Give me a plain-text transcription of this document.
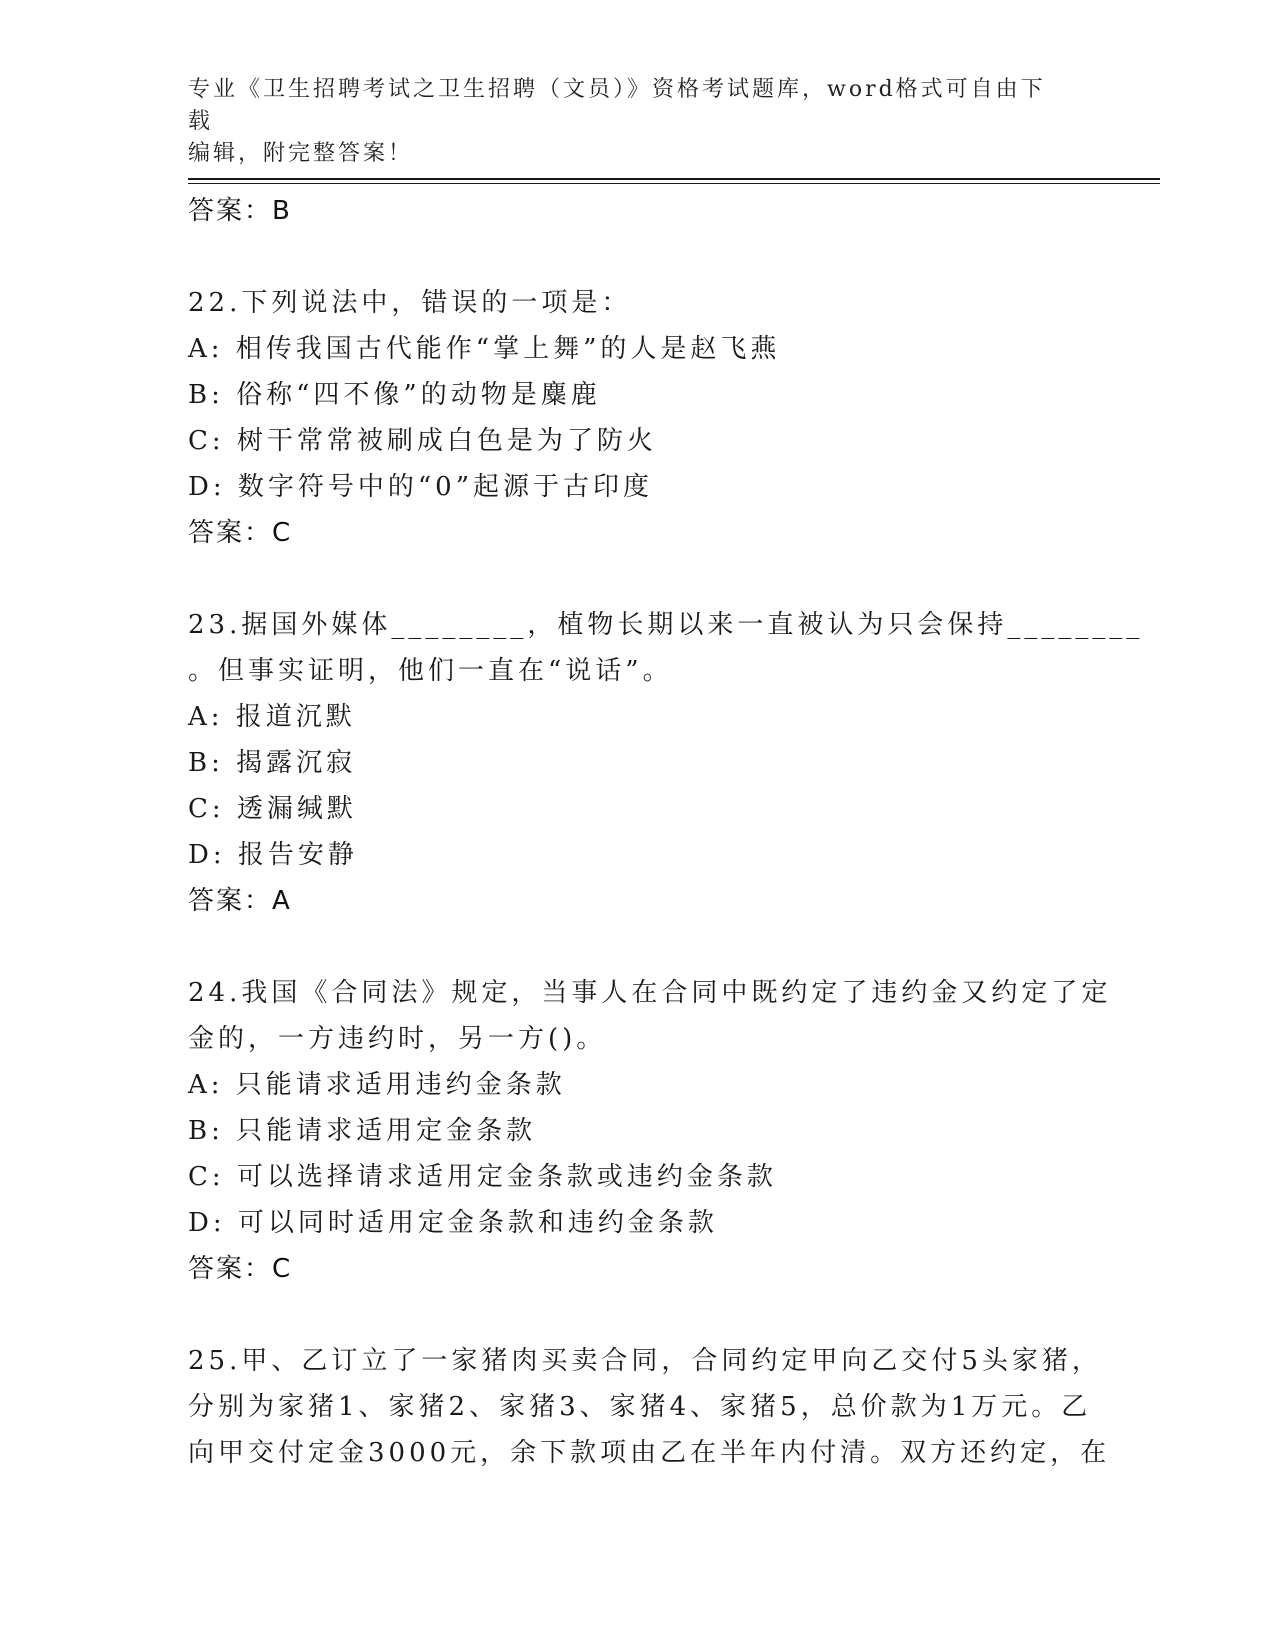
专业《卫生招聘考试之卫生招聘（文员）》资格考试题库，word格式可自由下载
编辑，附完整答案！

答案：B

22.下列说法中，错误的一项是：

A: 相传我国古代能作“掌上舞”的人是赵飞燕

B: 俗称“四不像”的动物是麋鹿

C: 树干常常被刷成白色是为了防火

D: 数字符号中的“0”起源于古印度

答案：C

23.据国外媒体________，植物长期以来一直被认为只会保持________

。但事实证明，他们一直在“说话”。

A: 报道沉默

B: 揭露沉寂

C: 透漏缄默

D: 报告安静

答案：A

24.我国《合同法》规定，当事人在合同中既约定了违约金又约定了定

金的，一方违约时，另一方()。

A: 只能请求适用违约金条款

B: 只能请求适用定金条款

C: 可以选择请求适用定金条款或违约金条款

D: 可以同时适用定金条款和违约金条款

答案：C

25.甲、乙订立了一家猪肉买卖合同，合同约定甲向乙交付5头家猪，

分别为家猪1、家猪2、家猪3、家猪4、家猪5，总价款为1万元。乙

向甲交付定金3000元，余下款项由乙在半年内付清。双方还约定，在
